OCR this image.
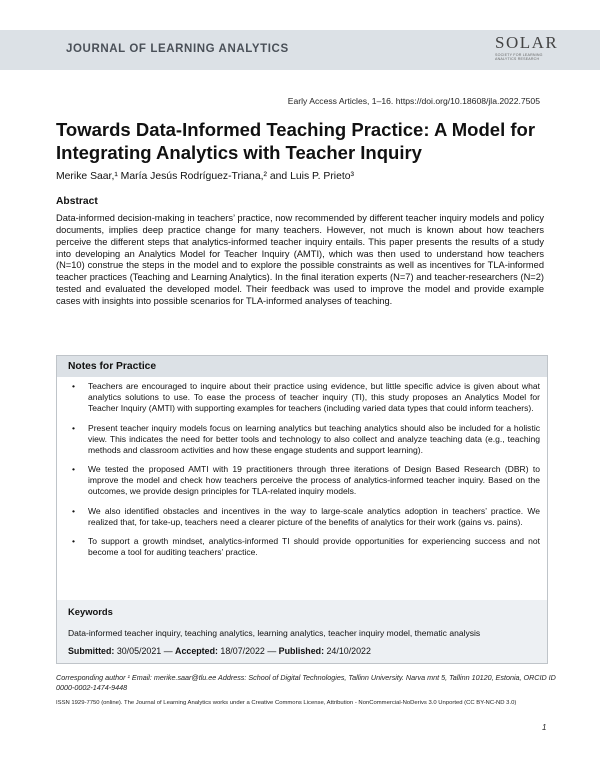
JOURNAL OF LEARNING ANALYTICS	SOLAR
SOCIETY FOR LEARNING ANALYTICS RESEARCH
Early Access Articles, 1–16. https://doi.org/10.18608/jla.2022.7505
Towards Data-Informed Teaching Practice: A Model for Integrating Analytics with Teacher Inquiry
Merike Saar,¹ María Jesús Rodríguez-Triana,² and Luis P. Prieto³
Abstract
Data-informed decision-making in teachers’ practice, now recommended by different teacher inquiry models and policy documents, implies deep practice change for many teachers. However, not much is known about how teachers perceive the different steps that analytics-informed teacher inquiry entails. This paper presents the results of a study into developing an Analytics Model for Teacher Inquiry (AMTI), which was then used to understand how teachers (N=10) construe the steps in the model and to explore the possible constraints as well as incentives for TLA-informed teacher practices (Teaching and Learning Analytics). In the final iteration experts (N=7) and teacher-researchers (N=2) tested and evaluated the developed model. Their feedback was used to improve the model and provide example cases with insights into possible scenarios for TLA-informed analyses of teaching.
Notes for Practice
• Teachers are encouraged to inquire about their practice using evidence, but little specific advice is given about what analytics solutions to use. To ease the process of teacher inquiry (TI), this study proposes an Analytics Model for Teacher Inquiry (AMTI) with supporting examples for teachers (including varied data types that could inform teachers).
• Present teacher inquiry models focus on learning analytics but teaching analytics should also be included for a holistic view. This indicates the need for better tools and technology to also collect and analyze teaching data (e.g., teaching methods and classroom activities and how these engage students and support learning).
• We tested the proposed AMTI with 19 practitioners through three iterations of Design Based Research (DBR) to improve the model and check how teachers perceive the process of analytics-informed teacher inquiry. Based on the outcomes, we provide design principles for TLA-related inquiry models.
• We also identified obstacles and incentives in the way to large-scale analytics adoption in teachers’ practice. We realized that, for take-up, teachers need a clearer picture of the benefits of analytics for their work (gains vs. pains).
• To support a growth mindset, analytics-informed TI should provide opportunities for experiencing success and not become a tool for auditing teachers’ practice.
Keywords
Data-informed teacher inquiry, teaching analytics, learning analytics, teacher inquiry model, thematic analysis
Submitted: 30/05/2021 — Accepted: 18/07/2022 — Published: 24/10/2022
Corresponding author ¹ Email: merike.saar@tlu.ee Address: School of Digital Technologies, Tallinn University. Narva mnt 5, Tallinn 10120, Estonia, ORCID ID 0000-0002-1474-9448
ISSN 1929-7750 (online). The Journal of Learning Analytics works under a Creative Commons License, Attribution - NonCommercial-NoDerivs 3.0 Unported (CC BY-NC-ND 3.0)
1
